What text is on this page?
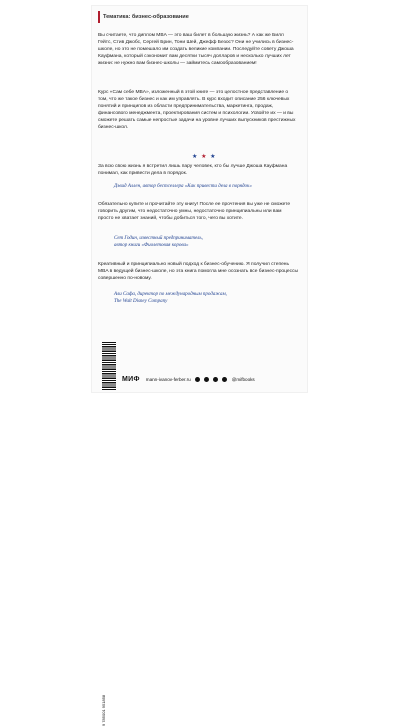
Тематика: бизнес-образование

Вы считаете, что диплом MBA — это ваш билет в большую жизнь? А как же Билл Гейтс, Стив Джобс, Сергей Брин, Тони Шей, Джефф Безос? Они не учились в бизнес-школе, но это не помешало им создать великие компании. Последуйте совету Джоша Кауфмана, который сэкономит вам десятки тысяч долларов и несколько лучших лет жизни: не нужно вам бизнес-школы — займитесь самообразованием!

Курс «Сам себе MBA», изложенный в этой книге — это целостное представление о том, что же такое бизнес и как им управлять. В курс входит описание 256 ключевых понятий и принципов из области предпринимательства, маркетинга, продаж, финансового менеджмента, проектирования систем и психологии. Усвойте их — и вы сможете решать самые непростые задачи на уровне лучших выпускников престижных бизнес-школ.

★ ★ ★

За всю свою жизнь я встретил лишь пару человек, кто бы лучше Джоша Кауфмана понимал, как привести дела в порядок.

Дэвид Аллен, автор бестселлера «Как привести дела в порядок»

Обязательно купите и прочитайте эту книгу! После ее прочтения вы уже не сможете говорить другим, что недостаточно умны, недостаточно принципиальны или вам просто не хватает знаний, чтобы добиться того, чего вы хотите.

Сет Годин, известный предприниматель,
автор книги «Фиолетовая корова»

Креативный и принципиально новый подход к бизнес-обучению. Я получил степень MBA в ведущей бизнес-школе, но эта книга помогла мне осознать все бизнес-процессы совершенно по-новому.

Али Сафа, директор по международным продажам,
The Walt Disney Company
9 785001 951858
МИФ mann-ivanov-ferber.ru	@mifbooks
